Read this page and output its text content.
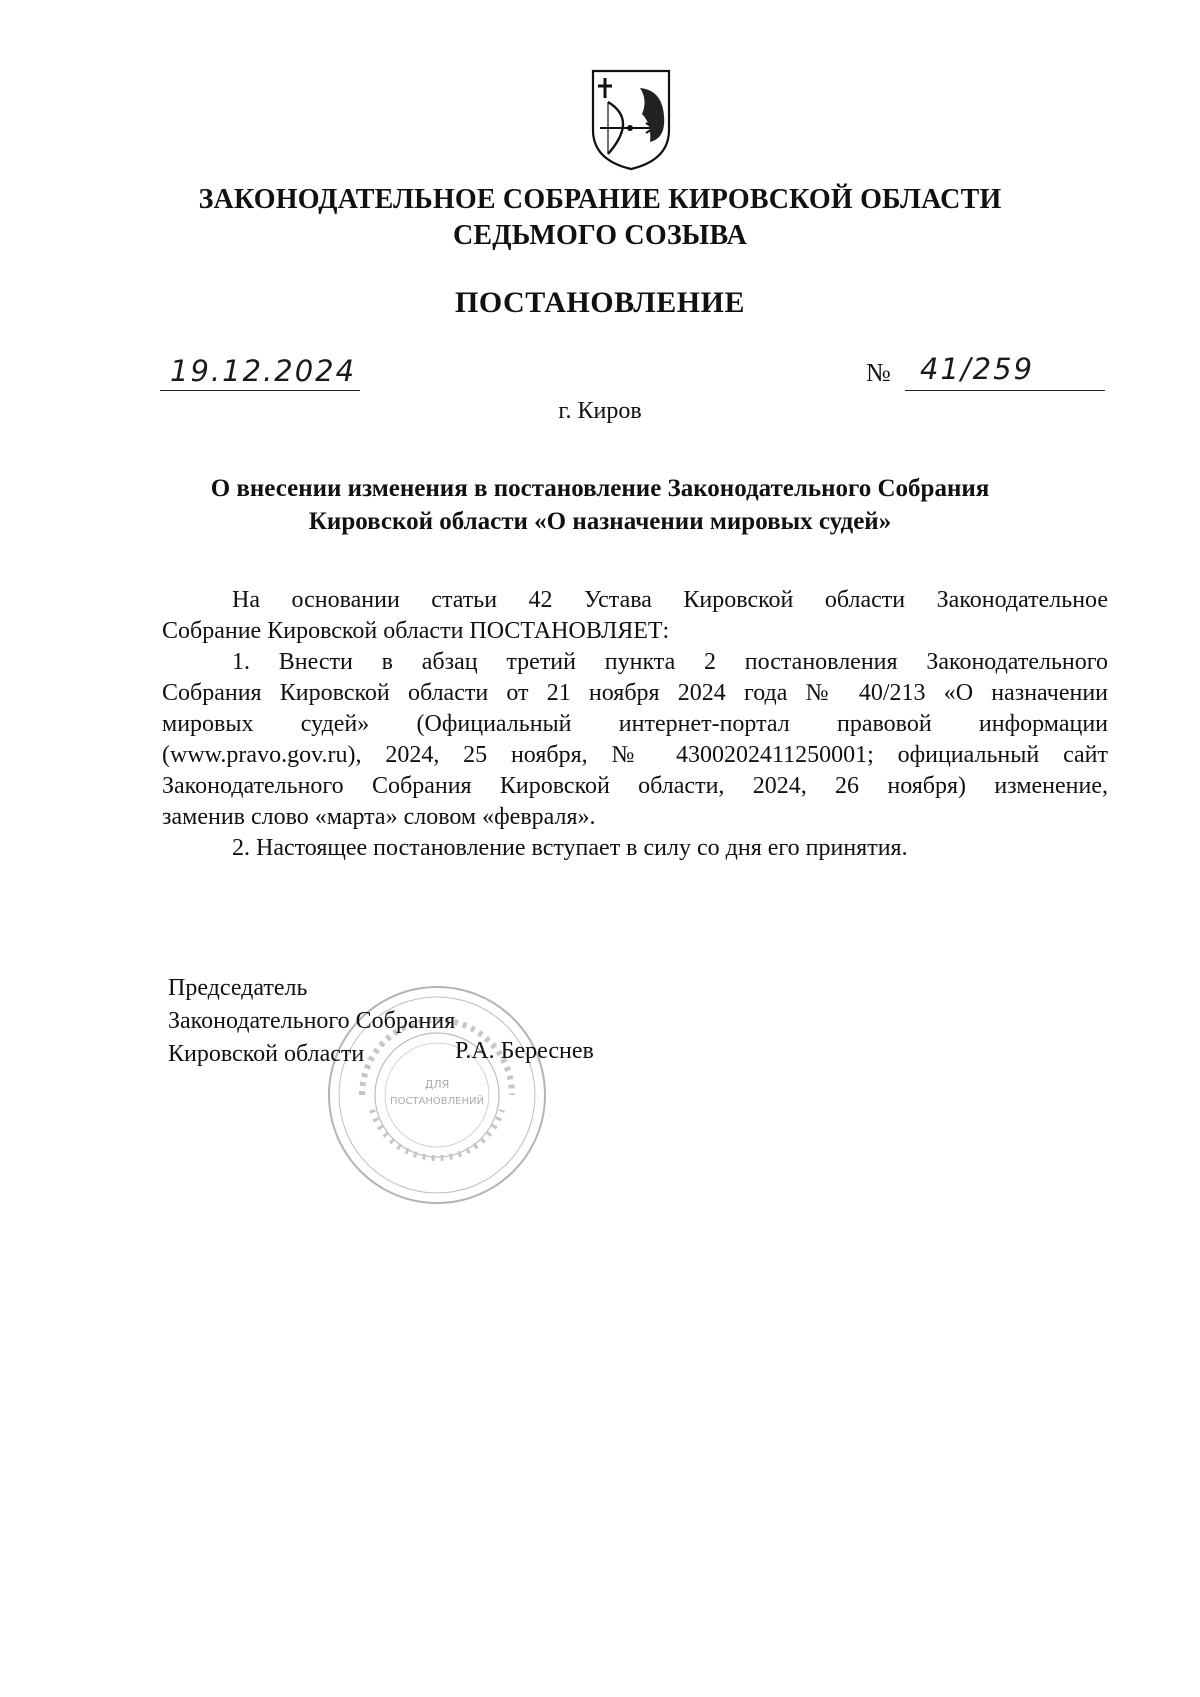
ЗАКОНОДАТЕЛЬНОЕ СОБРАНИЕ КИРОВСКОЙ ОБЛАСТИ
СЕДЬМОГО СОЗЫВА
ПОСТАНОВЛЕНИЕ
19.12.2024	№ 41/259
г. Киров
О внесении изменения в постановление Законодательного Собрания
Кировской области «О назначении мировых судей»
На основании статьи 42 Устава Кировской области Законодательное
Собрание Кировской области ПОСТАНОВЛЯЕТ:
1. Внести в абзац третий пункта 2 постановления Законодательного
Собрания Кировской области от 21 ноября 2024 года № 40/213 «О назначении
мировых судей» (Официальный интернет-портал правовой информации
(www.pravo.gov.ru), 2024, 25 ноября, № 4300202411250001; официальный сайт
Законодательного Собрания Кировской области, 2024, 26 ноября) изменение,
заменив слово «марта» словом «февраля».
2. Настоящее постановление вступает в силу со дня его принятия.
ДЛЯ
ПОСТАНОВЛЕНИЙ
Председатель
Законодательного Собрания
Кировской области	Р.А. Береснев
